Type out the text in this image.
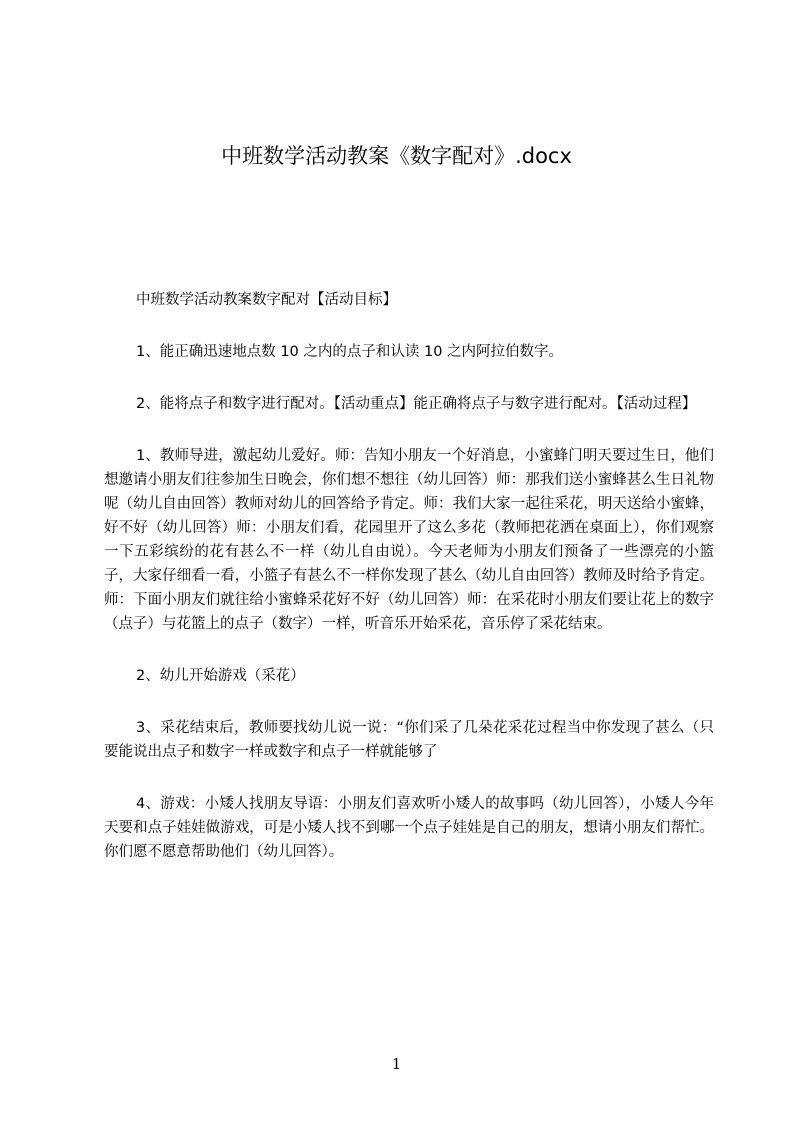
中班数学活动教案《数字配对》.docx

中班数学活动教案数字配对【活动目标】

1、能正确迅速地点数 10 之内的点子和认读 10 之内阿拉伯数字。

2、能将点子和数字进行配对。【活动重点】能正确将点子与数字进行配对。【活动过程】

1、教师导进，激起幼儿爱好。师：告知小朋友一个好消息，小蜜蜂门明天要过生日，他们想邀请小朋友们往参加生日晚会，你们想不想往（幼儿回答）师：那我们送小蜜蜂甚么生日礼物呢（幼儿自由回答）教师对幼儿的回答给予肯定。师：我们大家一起往采花，明天送给小蜜蜂，好不好（幼儿回答）师：小朋友们看，花园里开了这么多花（教师把花洒在桌面上），你们观察一下五彩缤纷的花有甚么不一样（幼儿自由说）。今天老师为小朋友们预备了一些漂亮的小篮子，大家仔细看一看，小篮子有甚么不一样你发现了甚么（幼儿自由回答）教师及时给予肯定。师：下面小朋友们就往给小蜜蜂采花好不好（幼儿回答）师：在采花时小朋友们要让花上的数字（点子）与花篮上的点子（数字）一样，听音乐开始采花，音乐停了采花结束。

2、幼儿开始游戏（采花）

3、采花结束后，教师要找幼儿说一说：“你们采了几朵花采花过程当中你发现了甚么（只要能说出点子和数字一样或数字和点子一样就能够了

4、游戏：小矮人找朋友导语：小朋友们喜欢听小矮人的故事吗（幼儿回答），小矮人今年天要和点子娃娃做游戏，可是小矮人找不到哪一个点子娃娃是自己的朋友，想请小朋友们帮忙。你们愿不愿意帮助他们（幼儿回答）。

1
